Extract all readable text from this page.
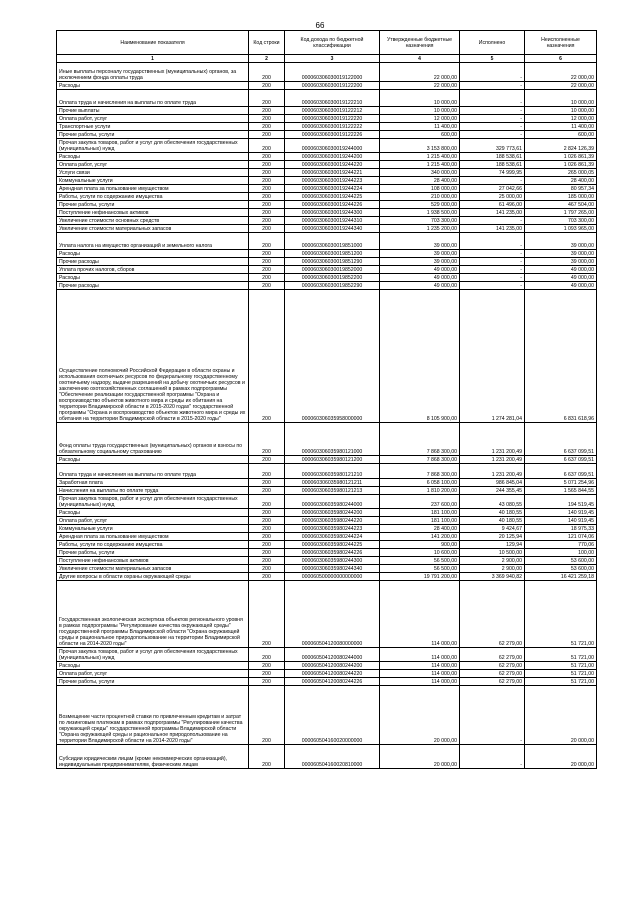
66
Наименование показателя	Код строки	Код дохода по бюджетной классификации	Утвержденные бюджетные назначения	Исполнено	Неисполненные назначения
1	2	3	4	5	6
Иные выплаты персоналу государственных (муниципальных) органов, за исключением фонда оплаты труда	200	000060306030019122000	22 000,00	-	22 000,00
Расходы	200	000060306030019122200	22 000,00	-	22 000,00
Оплата труда и начисления на выплаты по оплате труда	200	000060306030019122210	10 000,00	-	10 000,00
Прочие выплаты	200	000060306030019122212	10 000,00	-	10 000,00
Оплата работ, услуг	200	000060306030019122220	12 000,00	-	12 000,00
Транспортные услуги	200	000060306030019122222	11 400,00	-	11 400,00
Прочие работы, услуги	200	000060306030019122226	600,00	-	600,00
Прочая закупка товаров, работ и услуг для обеспечения государственных (муниципальных) нужд	200	000060306030019244000	3 153 800,00	329 773,61	2 824 126,39
Расходы	200	000060306030019244200	1 215 400,00	188 538,61	1 026 861,39
Оплата работ, услуг	200	000060306030019244220	1 215 400,00	188 538,61	1 026 861,39
Услуги связи	200	000060306030019244221	340 000,00	74 999,95	265 000,05
Коммунальные услуги	200	000060306030019244223	28 400,00	-	28 400,00
Арендная плата за пользование имуществом	200	000060306030019244224	108 000,00	27 042,66	80 957,34
Работы, услуги по содержанию имущества	200	000060306030019244225	210 000,00	25 000,00	185 000,00
Прочие работы, услуги	200	000060306030019244226	529 000,00	61 496,00	467 504,00
Поступление нефинансовых активов	200	000060306030019244300	1 938 500,00	141 235,00	1 797 265,00
Увеличение стоимости основных средств	200	000060306030019244310	703 300,00	-	703 300,00
Увеличение стоимости материальных запасов	200	000060306030019244340	1 235 200,00	141 235,00	1 093 965,00
Уплата налога на имущество организаций и земельного налога	200	000060306030019851000	39 000,00	-	39 000,00
Расходы	200	000060306030019851200	39 000,00	-	39 000,00
Прочие расходы	200	000060306030019851290	39 000,00	-	39 000,00
Уплата прочих налогов, сборов	200	000060306030019852000	49 000,00	-	49 000,00
Расходы	200	000060306030019852200	49 000,00	-	49 000,00
Прочие расходы	200	000060306030019852290	49 000,00	-	49 000,00
Осуществление полномочий Российской Федерации в области охраны и использования охотничьих ресурсов по федеральному государственному охотничьему надзору, выдаче разрешений на добычу охотничьих ресурсов и заключению охотхозяйственных соглашений в рамках подпрограммы "Обеспечение реализации государственной программы "Охрана и воспроизводство объектов животного мира и среды их обитания на территории Владимирской области в 2015-2020 годах" государственной программы "Охрана и воспроизводство объектов животного мира и среды их обитания на территории Владимирской области в 2015-2020 годы"	200	000060306035958000000	8 105 900,00	1 274 281,04	6 831 618,96
Фонд оплаты труда государственных (муниципальных) органов и взносы по обязательному социальному страхованию	200	000060306035980121000	7 868 300,00	1 231 200,49	6 637 099,51
Расходы	200	000060306035980121200	7 868 300,00	1 231 200,49	6 637 099,51
Оплата труда и начисления на выплаты по оплате труда	200	000060306035980121210	7 868 300,00	1 231 200,49	6 637 099,51
Заработная плата	200	000060306035980121211	6 058 100,00	986 845,04	5 071 254,96
Начисления на выплаты по оплате труда	200	000060306035980121213	1 810 200,00	244 355,45	1 565 844,55
Прочая закупка товаров, работ и услуг для обеспечения государственных (муниципальных) нужд	200	000060306035980244000	237 600,00	43 080,55	194 519,45
Расходы	200	000060306035980244200	181 100,00	40 180,55	140 919,45
Оплата работ, услуг	200	000060306035980244220	181 100,00	40 180,55	140 919,45
Коммунальные услуги	200	000060306035980244223	28 400,00	9 424,67	18 975,33
Арендная плата за пользование имуществом	200	000060306035980244224	141 200,00	20 125,94	121 074,06
Работы, услуги по содержанию имущества	200	000060306035980244225	900,00	129,94	770,06
Прочие работы, услуги	200	000060306035980244226	10 600,00	10 500,00	100,00
Поступление нефинансовых активов	200	000060306035980244300	56 500,00	2 900,00	53 600,00
Увеличение стоимости материальных запасов	200	000060306035980244340	56 500,00	2 900,00	53 600,00
Другие вопросы в области охраны окружающей среды	200	000060500000000000000	19 791 200,00	3 369 940,82	16 421 259,18
Государственная экологическая экспертиза объектов регионального уровня в рамках подпрограммы "Регулирование качества окружающей среды" государственной программы Владимирской области "Охрана окружающей среды и рациональное природопользование на территории Владимирской области на 2014-2020 годы"	200	000060504120080000000	114 000,00	62 279,00	51 721,00
Прочая закупка товаров, работ и услуг для обеспечения государственных (муниципальных) нужд	200	000060504120080244000	114 000,00	62 279,00	51 721,00
Расходы	200	000060504120080244200	114 000,00	62 279,00	51 721,00
Оплата работ, услуг	200	000060504120080244220	114 000,00	62 279,00	51 721,00
Прочие работы, услуги	200	000060504120080244226	114 000,00	62 279,00	51 721,00
Возмещение части процентной ставки по привлеченным кредитам и затрат по лизинговым платежам в рамках подпрограммы "Регулирование качества окружающей среды" государственной программы Владимирской области "Охрана окружающей среды и рациональное природопользование на территории Владимирской области на 2014-2020 годы"	200	000060504160020000000	20 000,00	-	20 000,00
Субсидии юридическим лицам (кроме некоммерческих организаций), индивидуальным предпринимателям, физическим лицам	200	000060504160020810000	20 000,00	-	20 000,00
